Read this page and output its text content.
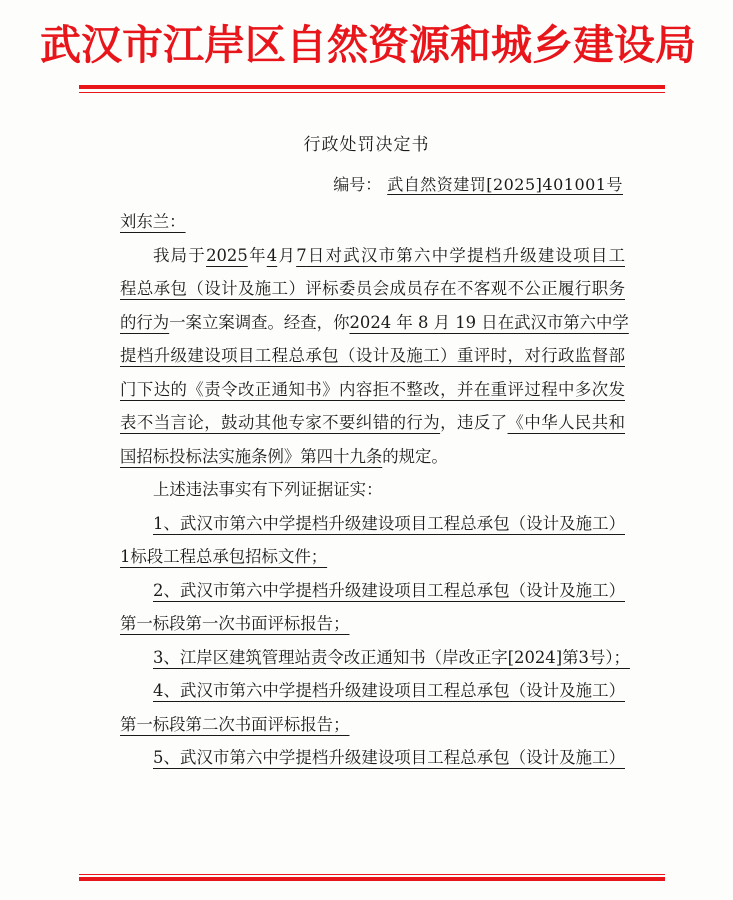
武汉市江岸区自然资源和城乡建设局
行政处罚决定书
编号： 武自然资建罚[2025]401001号

刘东兰：

我局于2025年4月7日对武汉市第六中学提档升级建设项目工
程总承包（设计及施工）评标委员会成员存在不客观不公正履行职务
的行为一案立案调查。经查，你2024 年 8 月 19 日在武汉市第六中学
提档升级建设项目工程总承包（设计及施工）重评时，对行政监督部
门下达的《责令改正通知书》内容拒不整改，并在重评过程中多次发
表不当言论，鼓动其他专家不要纠错的行为，违反了《中华人民共和
国招标投标法实施条例》第四十九条的规定。

上述违法事实有下列证据证实：

1、武汉市第六中学提档升级建设项目工程总承包（设计及施工）
1标段工程总承包招标文件；

2、武汉市第六中学提档升级建设项目工程总承包（设计及施工）
第一标段第一次书面评标报告；

3、江岸区建筑管理站责令改正通知书（岸改正字[2024]第3号）；

4、武汉市第六中学提档升级建设项目工程总承包（设计及施工）
第一标段第二次书面评标报告；

5、武汉市第六中学提档升级建设项目工程总承包（设计及施工）
